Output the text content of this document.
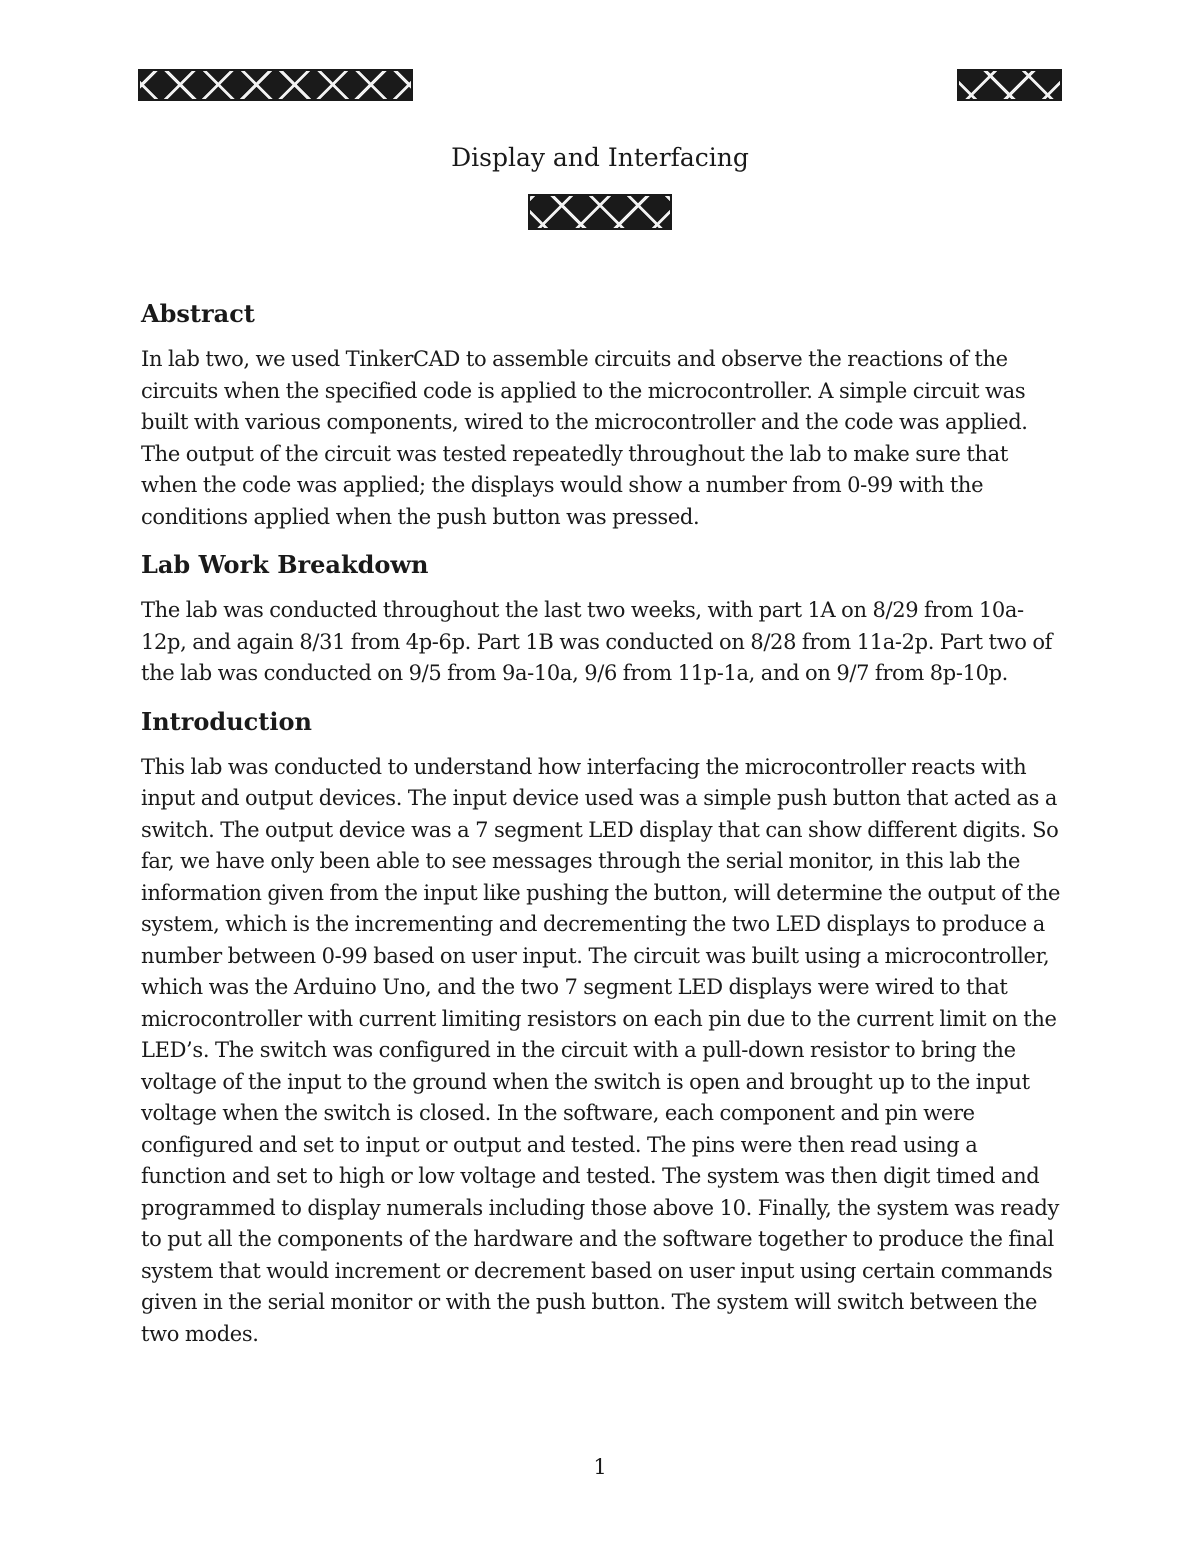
Display and Interfacing
Abstract

In lab two, we used TinkerCAD to assemble circuits and observe the reactions of the circuits when the specified code is applied to the microcontroller. A simple circuit was built with various components, wired to the microcontroller and the code was applied. The output of the circuit was tested repeatedly throughout the lab to make sure that when the code was applied; the displays would show a number from 0-99 with the conditions applied when the push button was pressed.

Lab Work Breakdown

The lab was conducted throughout the last two weeks, with part 1A on 8/29 from 10a-12p, and again 8/31 from 4p-6p. Part 1B was conducted on 8/28 from 11a-2p. Part two of the lab was conducted on 9/5 from 9a-10a, 9/6 from 11p-1a, and on 9/7 from 8p-10p.

Introduction

This lab was conducted to understand how interfacing the microcontroller reacts with input and output devices. The input device used was a simple push button that acted as a switch. The output device was a 7 segment LED display that can show different digits. So far, we have only been able to see messages through the serial monitor, in this lab the information given from the input like pushing the button, will determine the output of the system, which is the incrementing and decrementing the two LED displays to produce a number between 0-99 based on user input. The circuit was built using a microcontroller, which was the Arduino Uno, and the two 7 segment LED displays were wired to that microcontroller with current limiting resistors on each pin due to the current limit on the LED’s. The switch was configured in the circuit with a pull-down resistor to bring the voltage of the input to the ground when the switch is open and brought up to the input voltage when the switch is closed. In the software, each component and pin were configured and set to input or output and tested. The pins were then read using a function and set to high or low voltage and tested. The system was then digit timed and programmed to display numerals including those above 10. Finally, the system was ready to put all the components of the hardware and the software together to produce the final system that would increment or decrement based on user input using certain commands given in the serial monitor or with the push button. The system will switch between the two modes.

1
